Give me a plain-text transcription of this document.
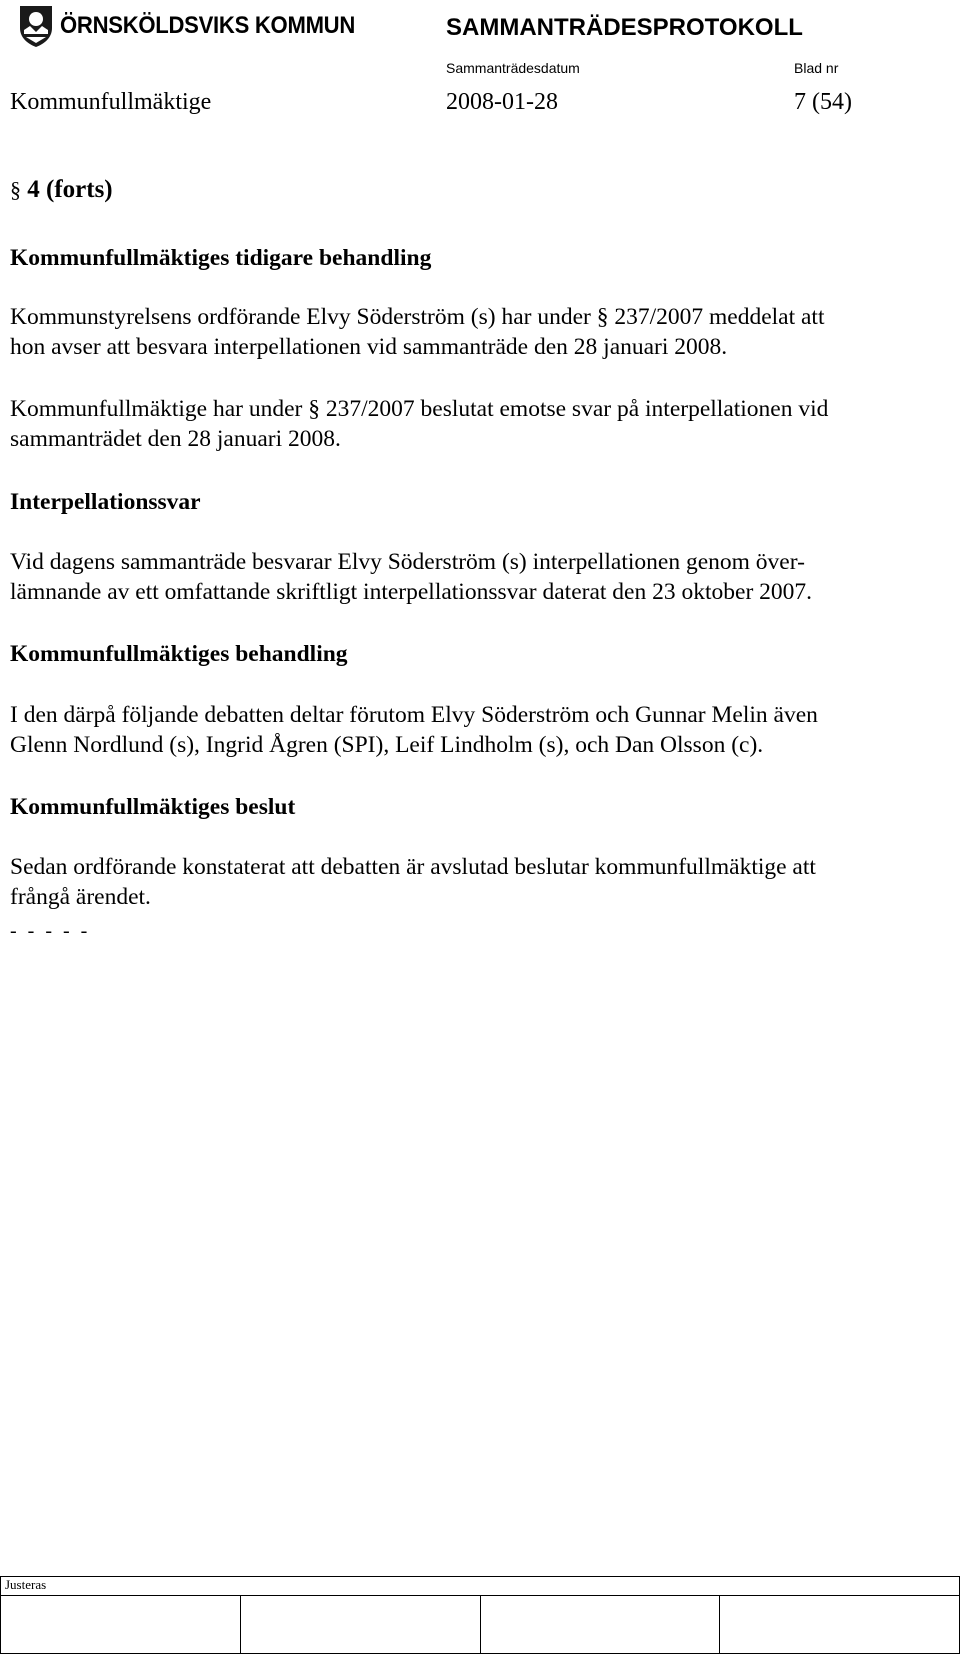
ÖRNSKÖLDSVIKS KOMMUN	SAMMANTRÄDESPROTOKOLL
Sammanträdesdatum	Blad nr
Kommunfullmäktige	2008-01-28	7 (54)
§ 4 (forts)
Kommunfullmäktiges tidigare behandling
Kommunstyrelsens ordförande Elvy Söderström (s) har under § 237/2007 meddelat att
hon avser att besvara interpellationen vid sammanträde den 28 januari 2008.
Kommunfullmäktige har under § 237/2007 beslutat emotse svar på interpellationen vid
sammanträdet den 28 januari 2008.
Interpellationssvar
Vid dagens sammanträde besvarar Elvy Söderström (s) interpellationen genom över-
lämnande av ett omfattande skriftligt interpellationssvar daterat den 23 oktober 2007.
Kommunfullmäktiges behandling
I den därpå följande debatten deltar förutom Elvy Söderström och Gunnar Melin även
Glenn Nordlund (s), Ingrid Ågren (SPI), Leif Lindholm (s), och Dan Olsson (c).
Kommunfullmäktiges beslut
Sedan ordförande konstaterat att debatten är avslutad beslutar kommunfullmäktige att
frångå ärendet.
- - - - -
Justeras
